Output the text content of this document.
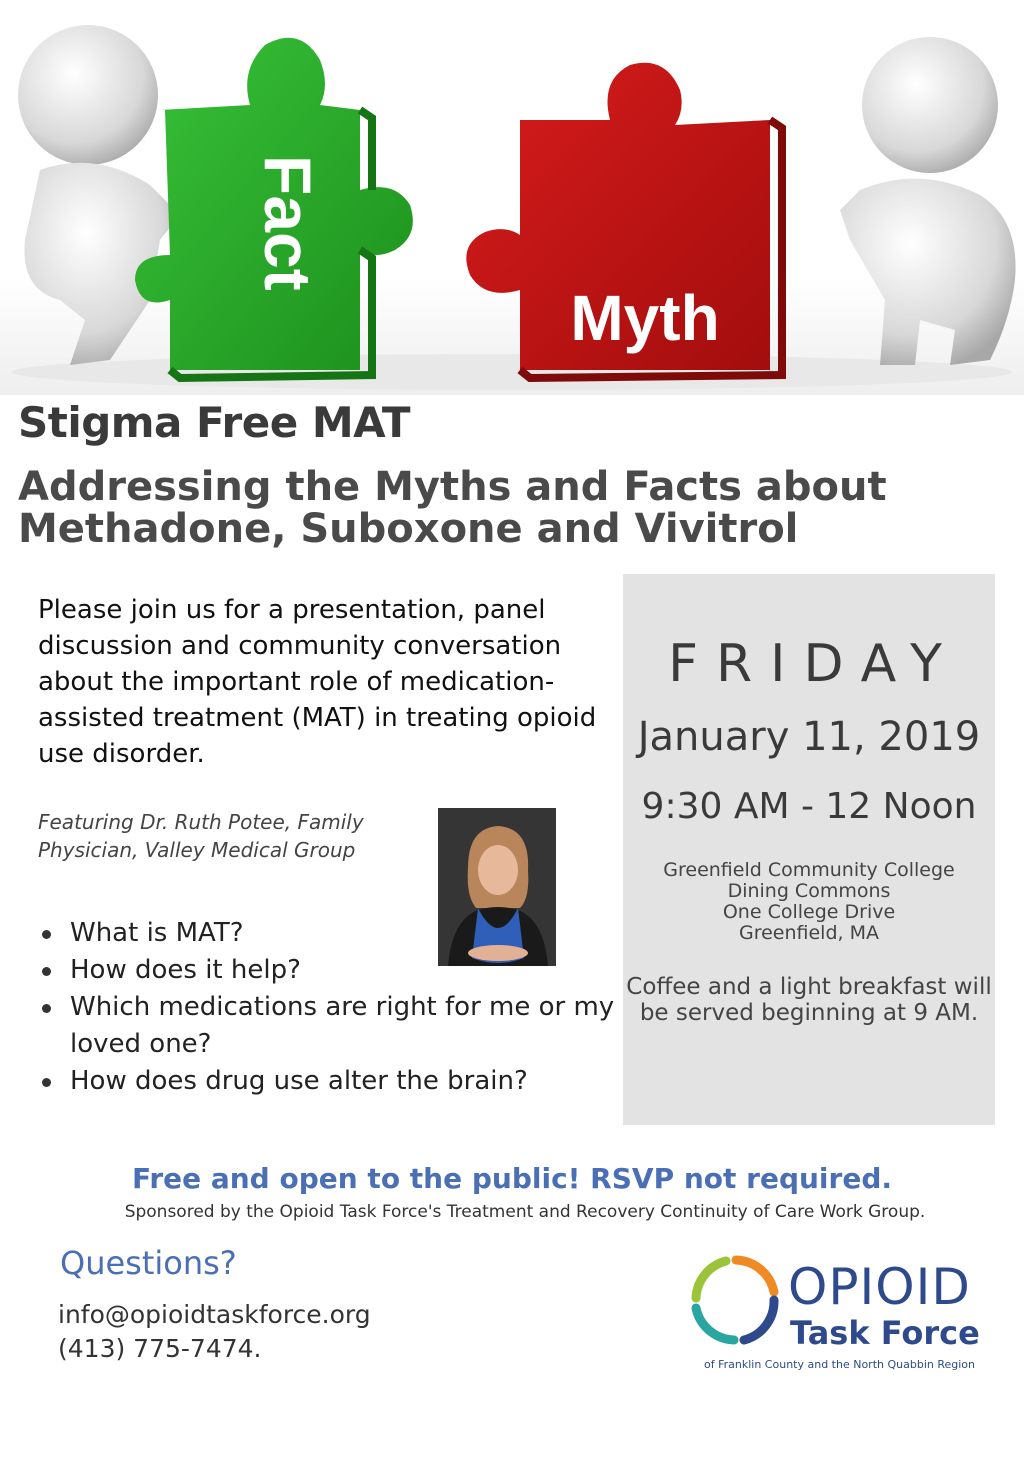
Fact
Myth
Stigma Free MAT
Addressing the Myths and Facts about Methadone, Suboxone and Vivitrol

Please join us for a presentation, panel discussion and community conversation about the important role of medication-assisted treatment (MAT) in treating opioid use disorder.

Featuring Dr. Ruth Potee, Family Physician, Valley Medical Group

What is MAT?
How does it help?
Which medications are right for me or my loved one?
How does drug use alter the brain?
FRIDAY
January 11, 2019
9:30 AM - 12 Noon
Greenfield Community College
Dining Commons
One College Drive
Greenfield, MA
Coffee and a light breakfast will be served beginning at 9 AM.
Free and open to the public! RSVP not required.
Sponsored by the Opioid Task Force's Treatment and Recovery Continuity of Care Work Group.
Questions?
info@opioidtaskforce.org
(413) 775-7474.
OPIOID
Task Force
of Franklin County and the North Quabbin Region
